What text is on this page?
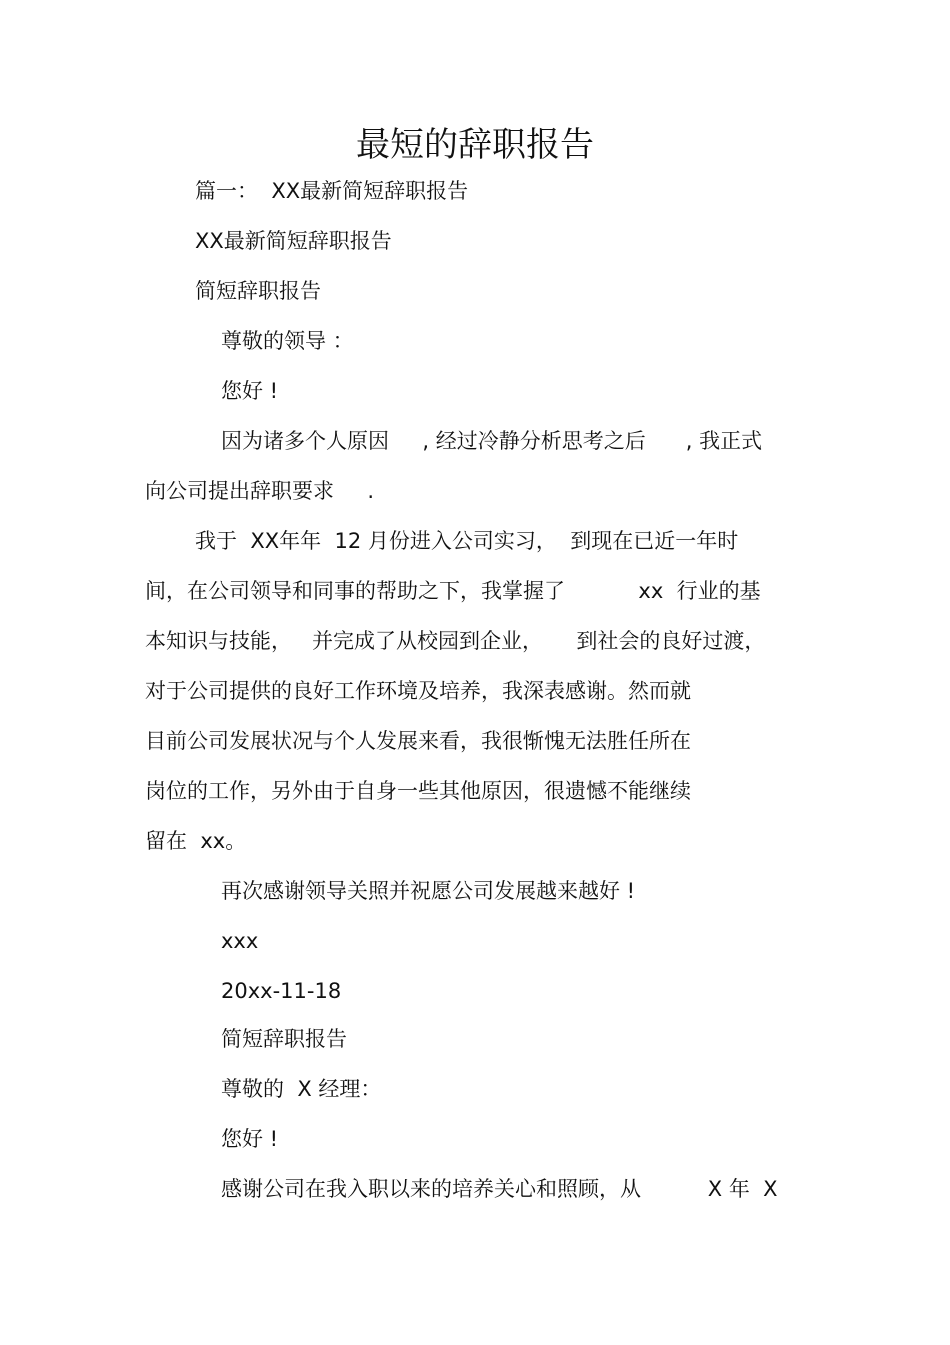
最短的辞职报告
篇一：  XX最新简短辞职报告
XX最新简短辞职报告
简短辞职报告
尊敬的领导 ：
您好 !
因为诸多个人原因     , 经过冷静分析思考之后      , 我正式
向公司提出辞职要求     .
我于  XX年年  12 月份进入公司实习，  到现在已近一年时
间，在公司领导和同事的帮助之下，我掌握了           xx  行业的基
本知识与技能，   并完成了从校园到企业，     到社会的良好过渡，
对于公司提供的良好工作环境及培养，我深表感谢。然而就
目前公司发展状况与个人发展来看，我很惭愧无法胜任所在
岗位的工作，另外由于自身一些其他原因，很遗憾不能继续
留在  xx。
再次感谢领导关照并祝愿公司发展越来越好 !
xxx
20xx-11-18
简短辞职报告
尊敬的  X 经理：
您好 !
感谢公司在我入职以来的培养关心和照顾，从          X 年  X
